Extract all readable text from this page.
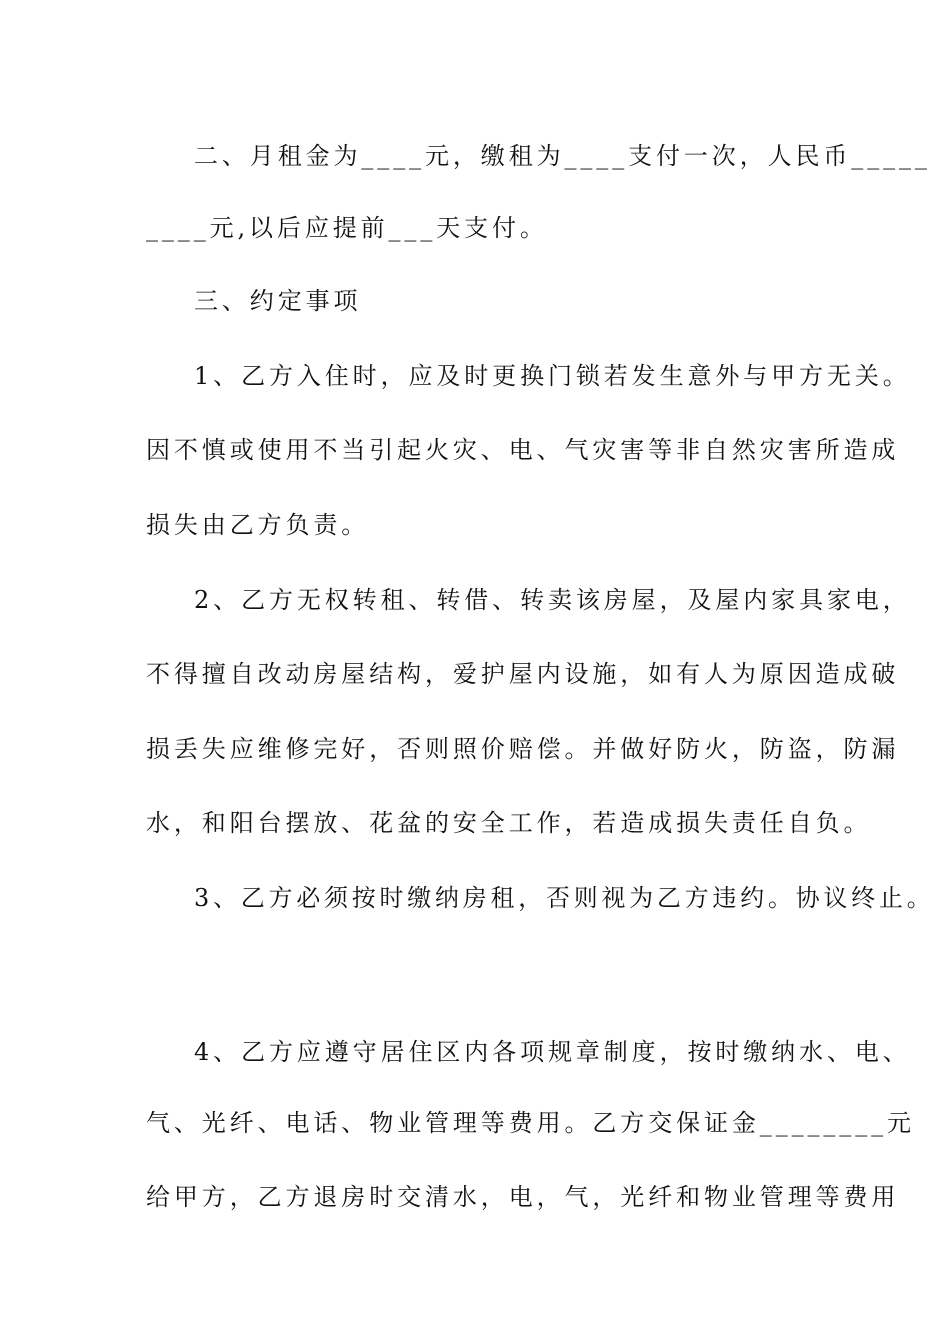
二、月租金为____元，缴租为____支付一次，人民币_____
____元,以后应提前___天支付。
三、约定事项
1、乙方入住时，应及时更换门锁若发生意外与甲方无关。
因不慎或使用不当引起火灾、电、气灾害等非自然灾害所造成
损失由乙方负责。
2、乙方无权转租、转借、转卖该房屋，及屋内家具家电，
不得擅自改动房屋结构，爱护屋内设施，如有人为原因造成破
损丢失应维修完好，否则照价赔偿。并做好防火，防盗，防漏
水，和阳台摆放、花盆的安全工作，若造成损失责任自负。
3、乙方必须按时缴纳房租，否则视为乙方违约。协议终止。
4、乙方应遵守居住区内各项规章制度，按时缴纳水、电、
气、光纤、电话、物业管理等费用。乙方交保证金________元
给甲方，乙方退房时交清水，电，气，光纤和物业管理等费用
